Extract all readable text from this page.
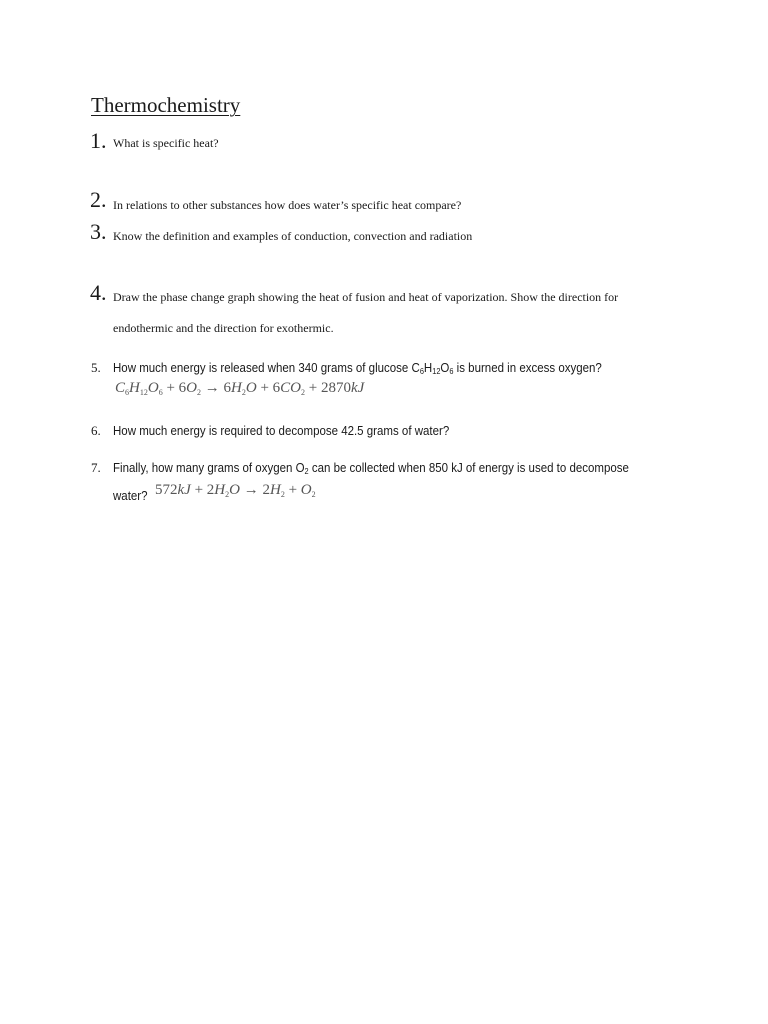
Thermochemistry
1. What is specific heat?
2. In relations to other substances how does water’s specific heat compare?
3. Know the definition and examples of conduction, convection and radiation
4. Draw the phase change graph showing the heat of fusion and heat of vaporization. Show the direction for
endothermic and the direction for exothermic.
5. How much energy is released when 340 grams of glucose $C_6H_{12}O_6$ is burned in excess oxygen?
$C_6H_{12}O_6 + 6O_2 \to 6H_2O + 6CO_2 + 2870kJ$
6. How much energy is required to decompose 42.5 grams of water?
7. Finally, how many grams of oxygen $O_2$ can be collected when 850 kJ of energy is used to decompose
water? $572kJ + 2H_2O \to 2H_2 + O_2$
